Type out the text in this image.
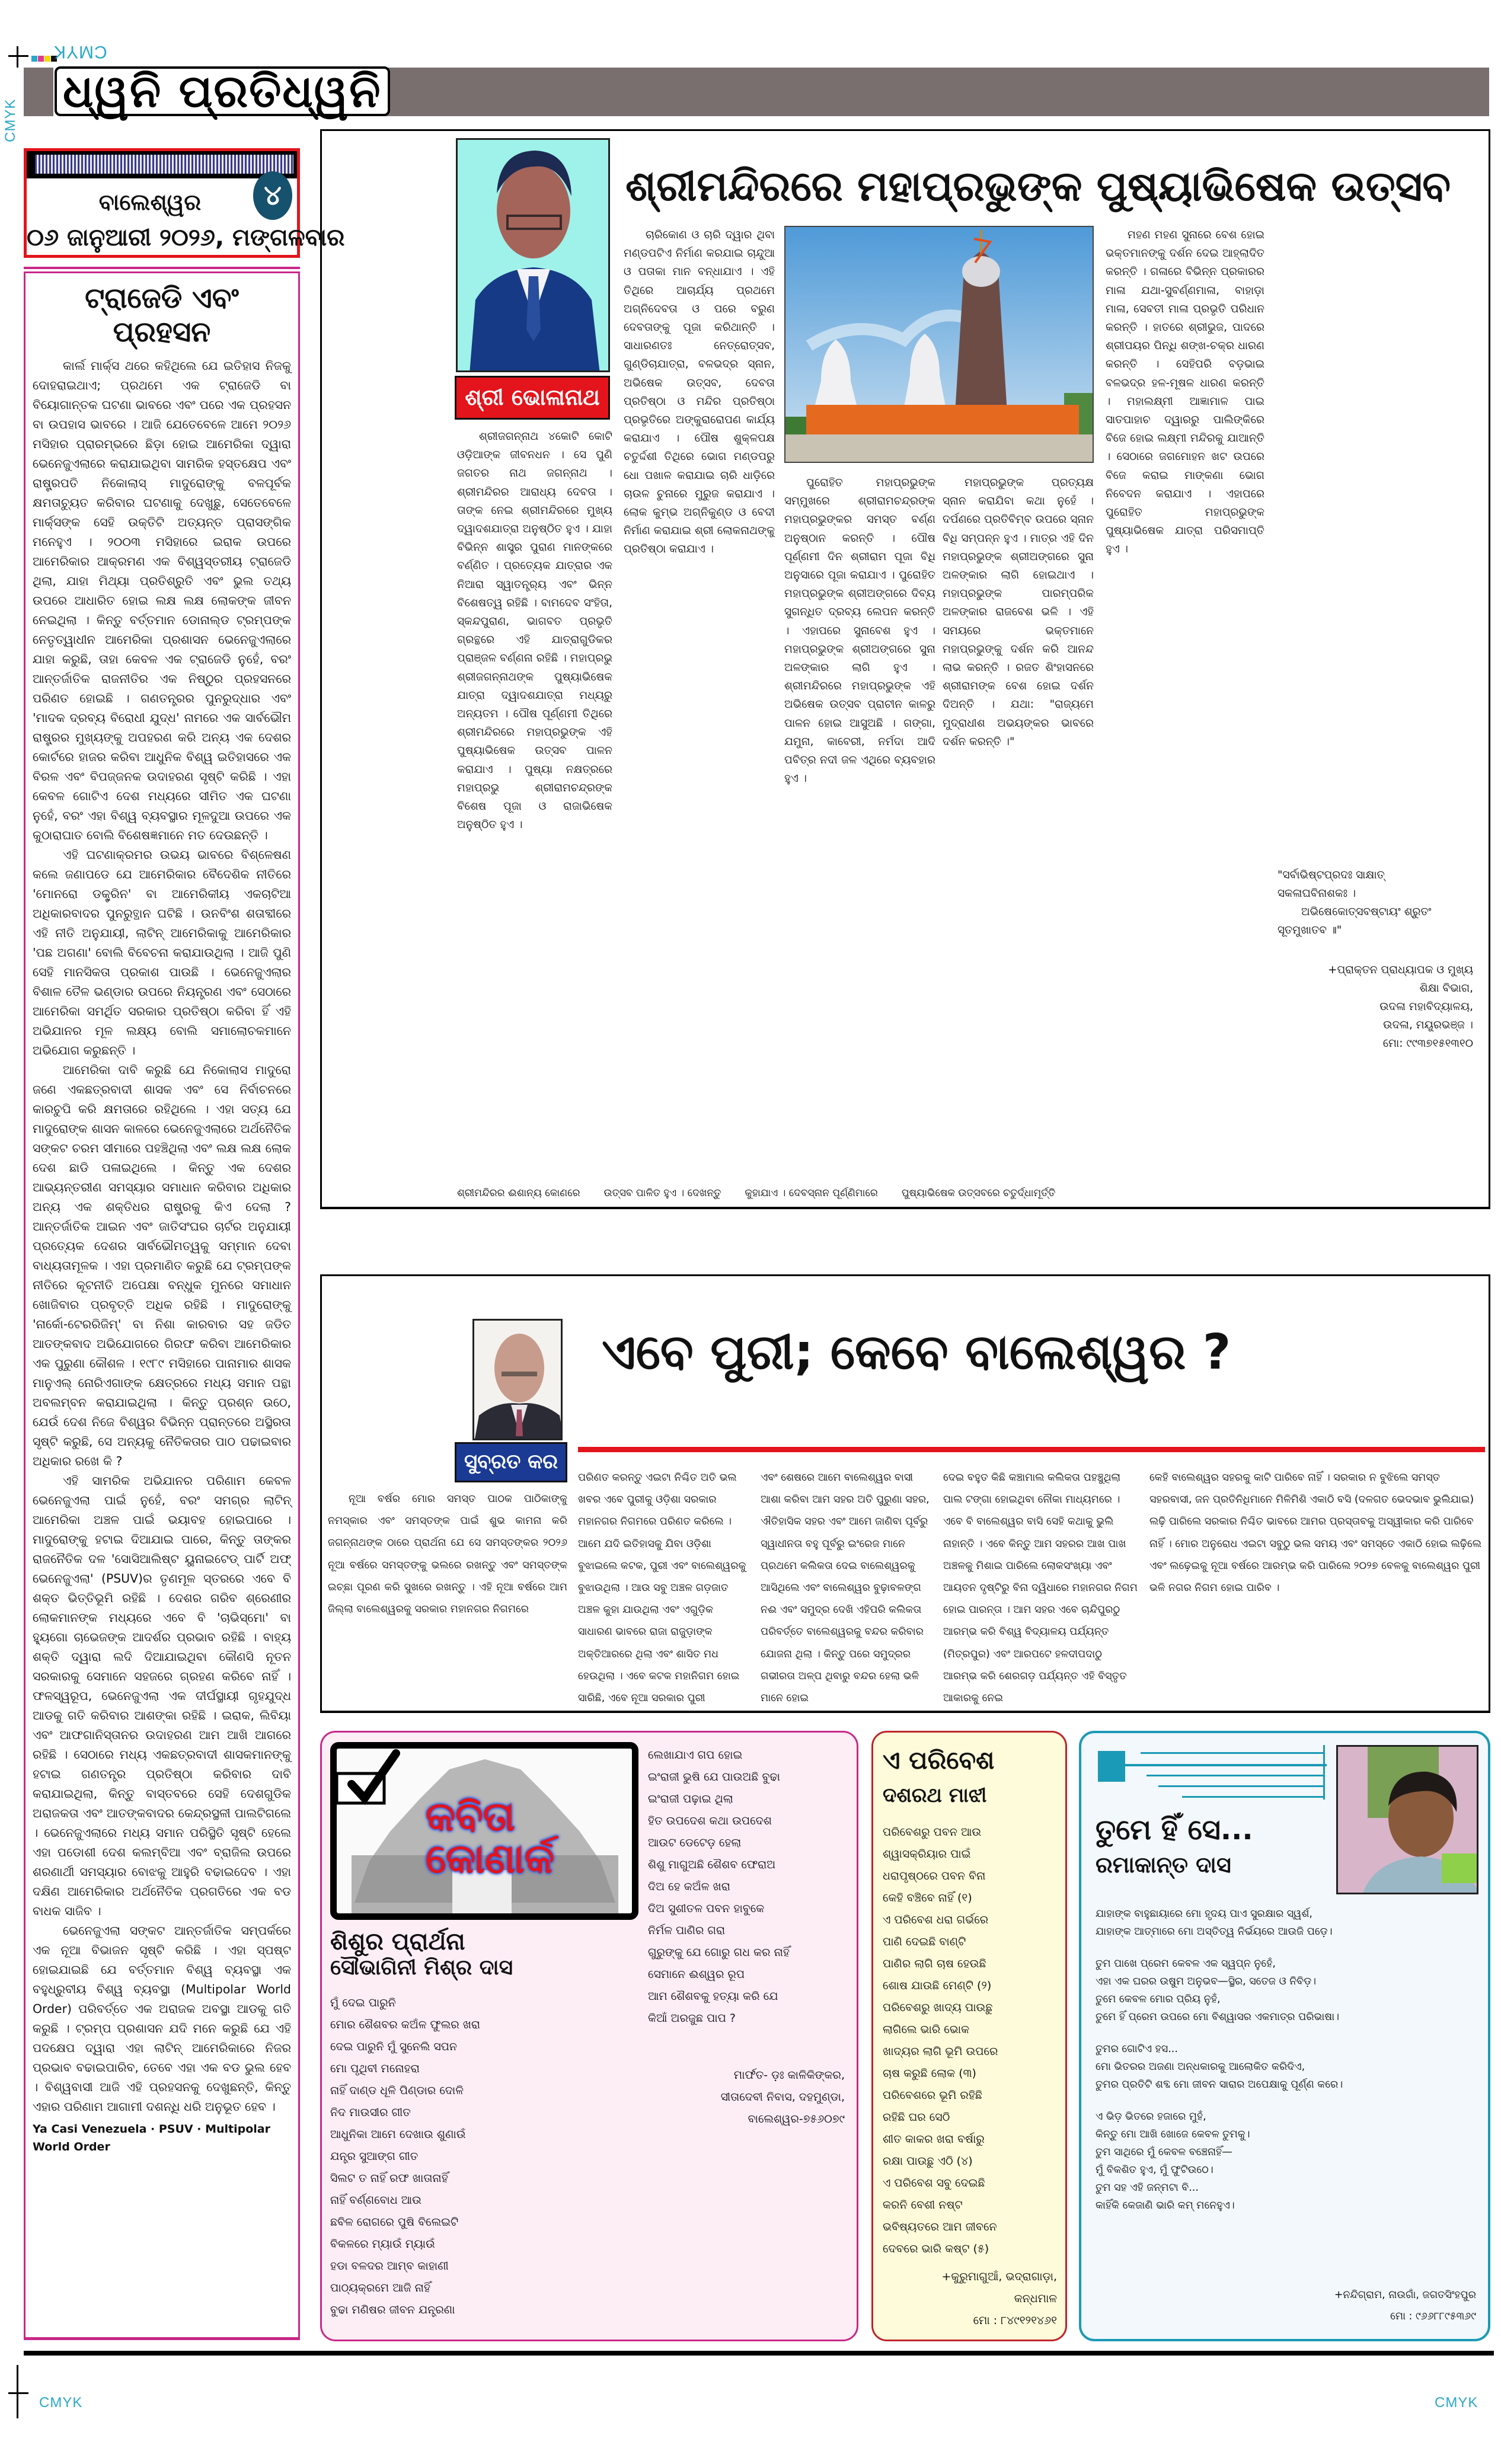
CMYK
CMYK
CMYK	CMYK
ଧ୍ୱନି ପ୍ରତିଧ୍ୱନି
୪
ବାଲେଶ୍ୱର
୦୬ ଜାନୁଆରୀ ୨୦୨୬, ମଙ୍ଗଳବାର
ଟ୍ରାଜେଡି ଏବଂ ପ୍ରହସନ

କାର୍ଲ ମାର୍କ୍ସ ଥରେ କହିଥିଲେ ଯେ ଇତିହାସ ନିଜକୁ ଦୋହରାଇଥାଏ; ପ୍ରଥମେ ଏକ ଟ୍ରାଜେଡି ବା ବିୟୋଗାନ୍ତକ ଘଟଣା ଭାବରେ ଏବଂ ପରେ ଏକ ପ୍ରହସନ ବା ଉପହାସ ଭାବରେ । ଆଜି ଯେତେବେଳେ ଆମେ ୨୦୨୬ ମସିହାର ପ୍ରାରମ୍ଭରେ ଛିଡ଼ା ହୋଇ ଆମେରିକା ଦ୍ୱାରା ଭେନେଜୁଏଲାରେ କରାଯାଇଥିବା ସାମରିକ ହସ୍ତକ୍ଷେପ ଏବଂ ରାଷ୍ଟ୍ରପତି ନିକୋଲାସ୍ ମାଦୁରୋଙ୍କୁ ବଳପୂର୍ବକ କ୍ଷମତାଚ୍ୟୁତ କରିବାର ଘଟଣାକୁ ଦେଖୁଛୁ, ସେତେବେଳେ ମାର୍କ୍ସଙ୍କ ସେହି ଉକ୍ତିଟି ଅତ୍ୟନ୍ତ ପ୍ରାସଙ୍ଗିକ ମନେହୁଏ । ୨୦୦୩ ମସିହାରେ ଇରାକ ଉପରେ ଆମେରିକାର ଆକ୍ରମଣ ଏକ ବିଶ୍ୱସ୍ତରୀୟ ଟ୍ରାଜେଡି ଥିଲା, ଯାହା ମିଥ୍ୟା ପ୍ରତିଶ୍ରୁତି ଏବଂ ଭୁଲ ତଥ୍ୟ ଉପରେ ଆଧାରିତ ହୋଇ ଲକ୍ଷ ଲକ୍ଷ ଲୋକଙ୍କ ଜୀବନ ନେଇଥିଲା । କିନ୍ତୁ ବର୍ତ୍ତମାନ ଡୋନାଲ୍ଡ ଟ୍ରମ୍ପଙ୍କ ନେତୃତ୍ୱାଧୀନ ଆମେରିକା ପ୍ରଶାସନ ଭେନେଜୁଏଲାରେ ଯାହା କରୁଛି, ତାହା କେବଳ ଏକ ଟ୍ରାଜେଡି ନୁହେଁ, ବରଂ ଆନ୍ତର୍ଜାତିକ ରାଜନୀତିର ଏକ ନିଷ୍ଠୁର ପ୍ରହସନରେ ପରିଣତ ହୋଇଛି । ଗଣତନ୍ତ୍ରର ପୁନରୁଦ୍ଧାର ଏବଂ 'ମାଦକ ଦ୍ରବ୍ୟ ବିରୋଧୀ ଯୁଦ୍ଧ' ନାମରେ ଏକ ସାର୍ବଭୌମ ରାଷ୍ଟ୍ରର ମୁଖ୍ୟଙ୍କୁ ଅପହରଣ କରି ଅନ୍ୟ ଏକ ଦେଶର କୋର୍ଟରେ ହାଜର କରିବା ଆଧୁନିକ ବିଶ୍ୱ ଇତିହାସରେ ଏକ ବିରଳ ଏବଂ ବିପଜ୍ଜନକ ଉଦାହରଣ ସୃଷ୍ଟି କରିଛି । ଏହା କେବଳ ଗୋଟିଏ ଦେଶ ମଧ୍ୟରେ ସୀମିତ ଏକ ଘଟଣା ନୁହେଁ, ବରଂ ଏହା ବିଶ୍ୱ ବ୍ୟବସ୍ଥାର ମୂଳଦୁଆ ଉପରେ ଏକ କୁଠାରାଘାତ ବୋଲି ବିଶେଷଜ୍ଞମାନେ ମତ ଦେଉଛନ୍ତି ।

ଏହି ଘଟଣାକ୍ରମର ଉଭୟ ଭାବରେ ବିଶ୍ଳେଷଣ କଲେ ଜଣାପଡେ ଯେ ଆମେରିକାର ବୈଦେଶିକ ନୀତିରେ 'ମୋନରୋ ଡକ୍ଟ୍ରିନ' ବା ଆମେରିକୀୟ ଏକଚାଟିଆ ଅଧିକାରବାଦର ପୁନରୁତ୍ଥାନ ଘଟିଛି । ଉନବିଂଶ ଶତାବ୍ଦୀରେ ଏହି ନୀତି ଅନୁଯାୟୀ, ଲାଟିନ୍ ଆମେରିକାକୁ ଆମେରିକାର 'ପଛ ଅଗଣା' ବୋଲି ବିବେଚନା କରାଯାଉଥିଲା । ଆଜି ପୁଣି ସେହି ମାନସିକତା ପ୍ରକାଶ ପାଉଛି । ଭେନେଜୁଏଲାର ବିଶାଳ ତୈଳ ଭଣ୍ଡାର ଉପରେ ନିୟନ୍ତ୍ରଣ ଏବଂ ସେଠାରେ ଆମେରିକା ସମର୍ଥିତ ସରକାର ପ୍ରତିଷ୍ଠା କରିବା ହିଁ ଏହି ଅଭିଯାନର ମୂଳ ଲକ୍ଷ୍ୟ ବୋଲି ସମାଲୋଚକମାନେ ଅଭିଯୋଗ କରୁଛନ୍ତି ।

ଆମେରିକା ଦାବି କରୁଛି ଯେ ନିକୋଲାସ ମାଦୁରୋ ଜଣେ ଏକଛତ୍ରବାଦୀ ଶାସକ ଏବଂ ସେ ନିର୍ବାଚନରେ କାରଚୁପି କରି କ୍ଷମତାରେ ରହିଥିଲେ । ଏହା ସତ୍ୟ ଯେ ମାଦୁରୋଙ୍କ ଶାସନ କାଳରେ ଭେନେଜୁଏଲାରେ ଅର୍ଥନୈତିକ ସଙ୍କଟ ଚରମ ସୀମାରେ ପହଞ୍ଚିଥିଲା ଏବଂ ଲକ୍ଷ ଲକ୍ଷ ଲୋକ ଦେଶ ଛାଡି ପଳାଇଥିଲେ । କିନ୍ତୁ ଏକ ଦେଶର ଆଭ୍ୟନ୍ତରୀଣ ସମସ୍ୟାର ସମାଧାନ କରିବାର ଅଧିକାର ଅନ୍ୟ ଏକ ଶକ୍ତିଧର ରାଷ୍ଟ୍ରକୁ କିଏ ଦେଲା ? ଆନ୍ତର୍ଜାତିକ ଆଇନ ଏବଂ ଜାତିସଂଘର ଚାର୍ଟର ଅନୁଯାୟୀ ପ୍ରତ୍ୟେକ ଦେଶର ସାର୍ବଭୌମତ୍ୱକୁ ସମ୍ମାନ ଦେବା ବାଧ୍ୟତାମୂଳକ । ଏହା ପ୍ରମାଣିତ କରୁଛି ଯେ ଟ୍ରମ୍ପଙ୍କ ନୀତିରେ କୂଟନୀତି ଅପେକ୍ଷା ବନ୍ଧୁକ ମୁନରେ ସମାଧାନ ଖୋଜିବାର ପ୍ରବୃତ୍ତି ଅଧିକ ରହିଛି । ମାଦୁରୋଙ୍କୁ 'ନାର୍କୋ-ଟେରରିଜିମ୍' ବା ନିଶା କାରବାର ସହ ଜଡିତ ଆତଙ୍କବାଦ ଅଭିଯୋଗରେ ଗିରଫ କରିବା ଆମେରିକାର ଏକ ପୁରୁଣା କୌଶଳ । ୧୯୮୯ ମସିହାରେ ପାନାମାର ଶାସକ ମାନୁଏଲ୍ ନୋରିଏଗାଙ୍କ କ୍ଷେତ୍ରରେ ମଧ୍ୟ ସମାନ ପନ୍ଥା ଅବଲମ୍ବନ କରାଯାଇଥିଲା । କିନ୍ତୁ ପ୍ରଶ୍ନ ଉଠେ, ଯେଉଁ ଦେଶ ନିଜେ ବିଶ୍ୱର ବିଭିନ୍ନ ପ୍ରାନ୍ତରେ ଅସ୍ଥିରତା ସୃଷ୍ଟି କରୁଛି, ସେ ଅନ୍ୟକୁ ନୈତିକତାର ପାଠ ପଢାଇବାର ଅଧିକାର ରଖେ କି ?

ଏହି ସାମରିକ ଅଭିଯାନର ପରିଣାମ କେବଳ ଭେନେଜୁଏଲା ପାଇଁ ନୁହେଁ, ବରଂ ସମଗ୍ର ଲାଟିନ୍ ଆମେରିକା ଅଞ୍ଚଳ ପାଇଁ ଭୟାବହ ହୋଇପାରେ । ମାଦୁରୋଙ୍କୁ ହଟାଇ ଦିଆଯାଇ ପାରେ, କିନ୍ତୁ ତାଙ୍କର ରାଜନୈତିକ ଦଳ 'ସୋସିଆଲିଷ୍ଟ ୟୁନାଇଟେଡ୍ ପାର୍ଟି ଅଫ୍ ଭେନେଜୁଏଲା' (PSUV)ର ତୃଣମୂଳ ସ୍ତରରେ ଏବେ ବି ଶକ୍ତ ଭିତ୍ତିଭୂମି ରହିଛି । ଦେଶର ଗରିବ ଶ୍ରେଣୀର ଲୋକମାନଙ୍କ ମଧ୍ୟରେ ଏବେ ବି 'ଚାଭିସ୍ମୋ' ବା ହ୍ୟୁଗୋ ଚାଭେଜଙ୍କ ଆଦର୍ଶର ପ୍ରଭାବ ରହିଛି । ବାହ୍ୟ ଶକ୍ତି ଦ୍ୱାରା ଲଦି ଦିଆଯାଇଥିବା କୌଣସି ନୂତନ ସରକାରକୁ ସେମାନେ ସହଜରେ ଗ୍ରହଣ କରିବେ ନାହିଁ । ଫଳସ୍ୱରୂପ, ଭେନେଜୁଏଲା ଏକ ଦୀର୍ଘସ୍ଥାୟୀ ଗୃହଯୁଦ୍ଧ ଆଡକୁ ଗତି କରିବାର ଆଶଙ୍କା ରହିଛି । ଇରାକ, ଲିବିୟା ଏବଂ ଆଫଗାନିସ୍ତାନର ଉଦାହରଣ ଆମ ଆଖି ଆଗରେ ରହିଛି । ସେଠାରେ ମଧ୍ୟ ଏକଛତ୍ରବାଦୀ ଶାସକମାନଙ୍କୁ ହଟାଇ ଗଣତନ୍ତ୍ର ପ୍ରତିଷ୍ଠା କରିବାର ଦାବି କରାଯାଇଥିଲା, କିନ୍ତୁ ବାସ୍ତବରେ ସେହି ଦେଶଗୁଡିକ ଅରାଜକତା ଏବଂ ଆତଙ୍କବାଦର କେନ୍ଦ୍ରସ୍ଥଳୀ ପାଲଟିଗଲେ । ଭେନେଜୁଏଲାରେ ମଧ୍ୟ ସମାନ ପରିସ୍ଥିତି ସୃଷ୍ଟି ହେଲେ ଏହା ପଡୋଶୀ ଦେଶ କଲମ୍ବିଆ ଏବଂ ବ୍ରାଜିଲ ଉପରେ ଶରଣାର୍ଥୀ ସମସ୍ୟାର ବୋଝକୁ ଆହୁରି ବଢାଇଦେବ । ଏହା ଦକ୍ଷିଣ ଆମେରିକାର ଅର୍ଥନୈତିକ ପ୍ରଗତିରେ ଏକ ବଡ ବାଧକ ସାଜିବ ।

ଭେନେଜୁଏଲା ସଙ୍କଟ ଆନ୍ତର୍ଜାତିକ ସମ୍ପର୍କରେ ଏକ ନୂଆ ବିଭାଜନ ସୃଷ୍ଟି କରିଛି । ଏହା ସ୍ପଷ୍ଟ ହୋଇଯାଇଛି ଯେ ବର୍ତ୍ତମାନ ବିଶ୍ୱ ବ୍ୟବସ୍ଥା ଏକ ବହୁଧ୍ରୁବୀୟ ବିଶ୍ୱ ବ୍ୟବସ୍ଥା (Multipolar World Order) ପରିବର୍ତ୍ତେ ଏକ ଅରାଜକ ଅବସ୍ଥା ଆଡକୁ ଗତି କରୁଛି । ଟ୍ରମ୍ପ ପ୍ରଶାସନ ଯଦି ମନେ କରୁଛି ଯେ ଏହି ପଦକ୍ଷେପ ଦ୍ୱାରା ଏହା ଲାଟିନ୍ ଆମେରିକାରେ ନିଜର ପ୍ରଭାବ ବଢାଇପାରିବ, ତେବେ ଏହା ଏକ ବଡ ଭୁଲ ହେବ । ବିଶ୍ୱବାସୀ ଆଜି ଏହି ପ୍ରହସନକୁ ଦେଖୁଛନ୍ତି, କିନ୍ତୁ ଏହାର ପରିଣାମ ଆଗାମୀ ଦଶନ୍ଧି ଧରି ଅନୁଭୂତ ହେବ ।

Ya Casi Venezuela · PSUV · Multipolar World Order
ଶ୍ରୀ ଭୋଳାନାଥ
ଶ୍ରୀମନ୍ଦିରରେ ମହାପ୍ରଭୁଙ୍କ ପୁଷ୍ୟାଭିଷେକ ଉତ୍ସବ

ଶ୍ରୀଜଗନ୍ନାଥ ୪କୋଟି କୋଟି ଓଡ଼ିଆଙ୍କ ଜୀବନଧନ । ସେ ପୁଣି ଜଗତର ନାଥ ଜଗନ୍ନାଥ । ଶ୍ରୀମନ୍ଦିରର ଆରାଧ୍ୟ ଦେବତା । ତାଙ୍କ ନେଇ ଶ୍ରୀମନ୍ଦିରରେ ମୁଖ୍ୟ ଦ୍ୱାଦଶଯାତ୍ରା ଅନୁଷ୍ଠିତ ହୁଏ । ଯାହା ବିଭିନ୍ନ ଶାସ୍ତ୍ର ପୁରାଣ ମାନଙ୍କରେ ବର୍ଣ୍ଣିତ । ପ୍ରତ୍ୟେକ ଯାତ୍ରାର ଏକ ନିଆରା ସ୍ୱାତନ୍ତ୍ର୍ୟ ଏବଂ ଭିନ୍ନ ବିଶେଷତ୍ୱ ରହିଛି । ବାମଦେବ ସଂହିତା, ସ୍କନ୍ଦପୁରାଣ, ଭାଗବତ ପ୍ରଭୃତି ଗ୍ରନ୍ଥରେ ଏହି ଯାତ୍ରାଗୁଡିକର ପ୍ରାଞ୍ଜଳ ବର୍ଣ୍ଣନା ରହିଛି । ମହାପ୍ରଭୁ ଶ୍ରୀଜଗନ୍ନାଥଙ୍କ ପୁଷ୍ୟାଭିଷେକ ଯାତ୍ରା ଦ୍ୱାଦଶଯାତ୍ରା ମଧ୍ୟରୁ ଅନ୍ୟତମ । ପୌଷ ପୂର୍ଣ୍ଣମୀ ତିଥିରେ ଶ୍ରୀମନ୍ଦିରରେ ମହାପ୍ରଭୁଙ୍କ ଏହି ପୁଷ୍ୟାଭିଷେକ ଉତ୍ସବ ପାଳନ କରାଯାଏ । ପୁଷ୍ୟା ନକ୍ଷତ୍ରରେ ମହାପ୍ରଭୁ ଶ୍ରୀରାମଚନ୍ଦ୍ରଙ୍କ ବିଶେଷ ପୂଜା ଓ ରାଜାଭିଷେକ ଅନୁଷ୍ଠିତ ହୁଏ ।

ଚାରିକୋଣ ଓ ଚାରି ଦ୍ୱାର ଥିବା ମଣ୍ଡପଟିଏ ନିର୍ମାଣ କରଯାଇ ଚାନ୍ଦୁଆ ଓ ପତାକା ମାନ ବନ୍ଧାଯାଏ । ଏହି ତିଥିରେ ଆଚାର୍ଯ୍ୟ ପ୍ରଥମେ ଅଗ୍ନିଦେବତା ଓ ପରେ ବରୁଣ ଦେବତାଙ୍କୁ ପୂଜା କରିଥାନ୍ତି । ସାଧାରଣତଃ ନେତ୍ରୋତ୍ସବ, ଗୁଣ୍ଡିଚାଯାତ୍ରା, ବଳଭଦ୍ର ସ୍ନାନ, ଅଭିଷେକ ଉତ୍ସବ, ଦେବତା ପ୍ରତିଷ୍ଠା ଓ ମନ୍ଦିର ପ୍ରତିଷ୍ଠା ପ୍ରଭୃତିରେ ଅଙ୍କୁରାରୋପଣ କାର୍ଯ୍ୟ କରାଯାଏ । ପୌଷ ଶୁକ୍ଳପକ୍ଷ ଚତୁର୍ଦ୍ଦଶୀ ତିଥିରେ ଭୋଗ ମଣ୍ଡପରୁ ଧୋ ପଖାଳ କରାଯାଇ ଚାରି ଧାଡ଼ିରେ ଚାଉଳ ଚୁନାରେ ମୁରୁଜ କରାଯାଏ । ଲୋକ କୁମ୍ଭ ଅଗ୍ନିକୁଣ୍ଡ ଓ ବେଦୀ ନିର୍ମାଣ କରାଯାଇ ଶ୍ରୀ ଲୋକନାଥଙ୍କୁ ପ୍ରତିଷ୍ଠା କରାଯାଏ ।

ପୁରୋହିତ ମହାପ୍ରଭୁଙ୍କ ସମ୍ମୁଖରେ ଶ୍ରୀରାମଚନ୍ଦ୍ରଙ୍କ ମହାପ୍ରଭୁଙ୍କର ସମସ୍ତ ବର୍ଣ୍ଣ ଅନୁଷ୍ଠାନ କରନ୍ତି । ପୌଷ ପୂର୍ଣ୍ଣମୀ ଦିନ ଶ୍ରୀରାମ ପୂଜା ବିଧି ଅନୁସାରେ ପୂଜା କରାଯାଏ । ପୁରୋହିତ ମହାପ୍ରଭୁଙ୍କ ଶ୍ରୀଅଙ୍ଗରେ ଦିବ୍ୟ ସୁଗନ୍ଧିତ ଦ୍ରବ୍ୟ ଲେପନ କରନ୍ତି । ଏହାପରେ ସୁନାବେଶ ହୁଏ । ମହାପ୍ରଭୁଙ୍କ ଶ୍ରୀଅଙ୍ଗରେ ସୁନା ଅଳଙ୍କାର ଲାଗି ହୁଏ । ଶ୍ରୀମନ୍ଦିରରେ ମହାପ୍ରଭୁଙ୍କ ଏହି ଅଭିଷେକ ଉତ୍ସବ ପ୍ରାଚୀନ କାଳରୁ ପାଳନ ହୋଇ ଆସୁଅଛି । ଗଙ୍ଗା, ଯମୁନା, କାବେରୀ, ନର୍ମଦା ଆଦି ପବିତ୍ର ନଦୀ ଜଳ ଏଥିରେ ବ୍ୟବହାର ହୁଏ ।

ମହାପ୍ରଭୁଙ୍କ ପ୍ରତ୍ୟକ୍ଷ ସ୍ନାନ କରାଯିବା କଥା ନୁହେଁ । ଦର୍ପଣରେ ପ୍ରତିବିମ୍ବ ଉପରେ ସ୍ନାନ ବିଧି ସମ୍ପନ୍ନ ହୁଏ । ମାତ୍ର ଏହି ଦିନ ମହାପ୍ରଭୁଙ୍କ ଶ୍ରୀଅଙ୍ଗରେ ସୁନା ଅଳଙ୍କାର ଲାଗି ହୋଇଥାଏ । ମହାପ୍ରଭୁଙ୍କ ପାରମ୍ପରିକ ଅଳଙ୍କାର ରାଜବେଶ ଭଳି । ଏହି ସମୟରେ ଭକ୍ତମାନେ ମହାପ୍ରଭୁଙ୍କୁ ଦର୍ଶନ କରି ଆନନ୍ଦ ଲାଭ କରନ୍ତି । ରଜତ ଶିଂହାସନରେ ଶ୍ରୀରାମଙ୍କ ବେଶ ହୋଇ ଦର୍ଶନ ଦିଅନ୍ତି । ଯଥା: "ରାଜ୍ୟମେ ମୁଦ୍ରାଧୀଶ ଅଭୟଙ୍କର ଭାବରେ ଦର୍ଶନ କରନ୍ତି ।"

ମହଣ ମହଣ ସୁନାରେ ବେଶ ହୋଇ ଭକ୍ତମାନଙ୍କୁ ଦର୍ଶନ ଦେଇ ଆହ୍ଲାଦିତ କରନ୍ତି । ଗଳାରେ ବିଭିନ୍ନ ପ୍ରକାରର ମାଳା ଯଥା-ସୁବର୍ଣ୍ଣମାଳା, ବାହାଡ଼ା ମାଳା, ସେବତୀ ମାଳା ପ୍ରଭୃତି ପରିଧାନ କରନ୍ତି । ହାତରେ ଶ୍ରୀଭୁଜ, ପାଦରେ ଶ୍ରୀପୟର ପିନ୍ଧି ଶଙ୍ଖ-ଚକ୍ର ଧାରଣ କରନ୍ତି । ସେହିପରି ବଡ଼ଭାଇ ବଳଭଦ୍ର ହଳ-ମୂଷଳ ଧାରଣ କରନ୍ତି । ମହାଲକ୍ଷ୍ମୀ ଆଜ୍ଞାମାଳ ପାଇ ସାତପାହାଚ ଦ୍ୱାରରୁ ପାଲିଙ୍କିରେ ବିଜେ ହୋଇ ଲକ୍ଷ୍ମୀ ମନ୍ଦିରକୁ ଯାଆନ୍ତି । ସେଠାରେ ଜଗମୋହନ ଖଟ ଉପରେ ବିଜେ କରାଇ ମାଙ୍କଣା ଭୋଗ ନିବେଦନ କରାଯାଏ । ଏହାପରେ ପୁରୋହିତ ମହାପ୍ରଭୁଙ୍କ ପୁଷ୍ୟାଭିଷେକ ଯାତ୍ରା ପରିସମାପ୍ତି ହୁଏ ।

"ସର୍ବାଭିଷ୍ଟପ୍ରଦଃ ସାକ୍ଷାତ୍
ସକଳାଘବିନାଶକଃ ।
ଅଭିଷେକୋତ୍ସବଷ୍ଟାୟଂ ଶ୍ରୁତଂ
ସୂତମୁଖାତବ ॥"
+ପ୍ରାକ୍ତନ ପ୍ରାଧ୍ୟାପକ ଓ ମୁଖ୍ୟ
ଶିକ୍ଷା ବିଭାଗ,
ଉଦଳା ମହାବିଦ୍ୟାଳୟ,
ଉଦଳା, ମୟୂରଭଞ୍ଜ ।
ମୋ: ୯୯୩୭୧୫୧୩୧୦
ଶ୍ରୀମନ୍ଦିରର ଈଶାନ୍ୟ କୋଣରେ ଉତ୍ସବ ପାଳିତ ହୁଏ । ଦେଖନ୍ତୁ କୁହାଯାଏ । ଦେବସ୍ନାନ ପୂର୍ଣ୍ଣିମାରେ ପୁଷ୍ୟାଭିଷେକ ଉତ୍ସବରେ ଚତୁର୍ଦ୍ଧାମୂର୍ତ୍ତି
ସୁବ୍ରତ କର
ଏବେ ପୁରୀ; କେବେ ବାଲେଶ୍ୱର ?

ନୂଆ ବର୍ଷର ମୋର ସମସ୍ତ ପାଠକ ପାଠିକାଙ୍କୁ ନମସ୍କାର ଏବଂ ସମସ୍ତଙ୍କ ପାଇଁ ଶୁଭ କାମନା କରି ଜଗନ୍ନାଥଙ୍କ ଠାରେ ପ୍ରାର୍ଥନା ଯେ ସେ ସମସ୍ତଙ୍କର ୨୦୨୬ ନୂଆ ବର୍ଷରେ ସମସ୍ତଙ୍କୁ ଭଲରେ ରଖନ୍ତୁ ଏବଂ ସମସ୍ତଙ୍କ ଇଚ୍ଛା ପୂରଣ କରି ସୁଖରେ ରଖନ୍ତୁ । ଏହି ନୂଆ ବର୍ଷରେ ଆମ ଜିଲ୍ଲା ବାଲେଶ୍ୱରକୁ ସରକାର ମହାନଗର ନିଗମରେ

ପରିଣତ କରନ୍ତୁ ଏଇଟା ନିଶ୍ଚିତ ଅତି ଭଲ ଖବର ଏବେ ପୁରୀକୁ ଓଡ଼ିଶା ସରକାର ମହାନଗର ନିଗମରେ ପରିଣତ କରିଲେ । ଆମେ ଯଦି ଇତିହାସକୁ ଯିବା ଓଡ଼ିଶା ବୁଝାଇଲେ କଟକ, ପୁରୀ ଏବଂ ବାଲେଶ୍ୱରକୁ ବୁଝାଉଥିଲା । ଆଉ ସବୁ ଅଞ୍ଚଳ ଗଡ଼ଜାତ ଅଞ୍ଚଳ କୁହା ଯାଉଥିଲା ଏବଂ ଏଗୁଡ଼ିକ ସାଧାରଣ ଭାବରେ ରାଜା ରାଜୁଡ଼ାଙ୍କ ଅକ୍ତିଆରରେ ଥିଲା ଏବଂ ଶାସିତ ମଧ ହେଉଥିଲା । ଏବେ କଟକ ମହାନିଗମ ହୋଇ ସାରିଛି, ଏବେ ନୂଆ ସରକାର ପୁରୀ
ଏବଂ ଶେଷରେ ଆମେ ବାଲେଶ୍ୱର ବାସୀ ଆଶା କରିବା ଆମ ସହର ଅତି ପୁରୁଣା ସହର, ଐତିହାସିକ ସହର ଏବଂ ଆମେ ଜାଣିବା ପୂର୍ବରୁ ସ୍ୱାଧୀନତା ବହୁ ପୂର୍ବରୁ ଇଂରେଜ ମାନେ ପ୍ରଥମେ କଲିକତା ଦେଇ ବାଲେଶ୍ୱରକୁ ଆସିଥିଲେ ଏବଂ ବାଲେଶ୍ୱର ବୁଢ଼ାବଳଙ୍ଗ ନଈ ଏବଂ ସମୁଦ୍ର ଦେଖି ଏହିପରି କଲିକତା ପରିବର୍ତ୍ତେ ବାଲେଶ୍ୱରକୁ ବନ୍ଦର କରିବାର ଯୋଜନା ଥିଲା । କିନ୍ତୁ ପରେ ସମୁଦ୍ରର ଗଭୀରତା ଅଳ୍ପ ଥିବାରୁ ବନ୍ଦର ହେଲା ଭଳି ମାନେ ହୋଇ
ଦେଇ ବହୁତ କିଛି କଞ୍ଚାମାଲ କଲିକତା ପହଞ୍ଚୁଥିଲା ପାଲ ଟଙ୍ଗା ହୋଇଥିବା ନୌକା ମାଧ୍ୟମରେ । ଏବେ ବି ବାଲେଶ୍ୱର ବାସି ସେହି କଥାକୁ ଭୁଲି ନାହାନ୍ତି । ଏବେ କିନ୍ତୁ ଆମ ସହରର ଆଖ ପାଖ ଅଞ୍ଚଳକୁ ମିଶାଇ ପାରିଲେ ଲୋକସଂଖ୍ୟା ଏବଂ ଆୟତନ ଦୃଷ୍ଟିରୁ ବିନା ଦ୍ୱିଧାରେ ମହାନଗର ନିଗମ ହୋଇ ପାରନ୍ତା । ଆମ ସହର ଏବେ ଚାନ୍ଦିପୁରଠୁ ଆରମ୍ଭ କରି ବିଶ୍ୱ ବିଦ୍ୟାଳୟ ପର୍ଯ୍ୟନ୍ତ (ମିତ୍ରପୁର) ଏବଂ ଆରପଟେ ହଳଦୀପଦାଠୁ ଆରମ୍ଭ କରି ଶେରଗଡ଼ ପର୍ଯ୍ୟନ୍ତ ଏହି ବିସ୍ତୃତ ଆକାରକୁ ନେଇ
କେହି ବାଲେଶ୍ୱର ସହରକୁ କାଟି ପାରିବେ ନାହିଁ । ସରକାର ନ ବୁଝିଲେ ସମସ୍ତ ସହରବାସୀ, ଜନ ପ୍ରତିନିଧିମାନେ ମିଳିମିଶି ଏକାଠି ବସି (ଦଳଗତ ଭେଦଭାବ ଭୁଲିଯାଇ) ଲଢ଼ି ପାରିଲେ ସରକାର ନିଶ୍ଚିତ ଭାବରେ ଆମର ପ୍ରସ୍ତାବକୁ ଅସ୍ୱୀକାର କରି ପାରିବେ ନାହିଁ । ମୋର ଅନୁରୋଧ ଏଇଟା ସବୁଠୁ ଭଲ ସମୟ ଏବଂ ସମସ୍ତେ ଏକାଠି ହୋଇ ଲଢ଼ିଲେ ଏବଂ ଲଢ଼େଇକୁ ନୂଆ ବର୍ଷରେ ଆରମ୍ଭ କରି ପାରିଲେ ୨୦୨୭ ବେଳକୁ ବାଲେଶ୍ୱର ପୁରୀ ଭଳି ନଗର ନିଗମ ହୋଇ ପାରିବ ।
କବିତା
କୋଣାର୍କ
ଶିଶୁର ପ୍ରାର୍ଥନା
ସୌଭାଗିନୀ ମିଶ୍ର ଦାସ
ମୁଁ ଦେଇ ପାରୁନି
ମୋର ଶୈଶବର କଅଁଳ ଫୁଲର ଖରା
ଦେଇ ପାରୁନି ମୁଁ ସୁନେଲି ସପନ
ମୋ ପୃଥିବୀ ମନୋହରା
ନାହିଁ ଦାଣ୍ଡ ଧୂଳି ପିଣ୍ଡାର ଦୋଳି
ନିଦ ମାଉସୀର ଗୀତ
ଆଧୁନିକା ଆମେ ଦେଖାଉ ଶୁଣାଉଁ
ଯନ୍ତ୍ର ସୁଆଙ୍ଗ ଗୀତ
ସିଲଟ ତ ନାହିଁ ରଫ ଖାତାନାହିଁ
ନାହିଁ ବର୍ଣ୍ଣବୋଧ ଆଉ
ଛବିଳ ରୋଗରେ ପୁଷି ବିଲେଇଟି
ବିକଳରେ ମ୍ୟାଉଁ ମ୍ୟାଉଁ
ହଡା ବଳଦର ଆମ୍ବ କାହାଣୀ
ପାଠ୍ୟକ୍ରମେ ଆଜି ନାହିଁ
ବୁଢା ମଣିଷର ଜୀବନ ଯନ୍ତ୍ରଣା
ଲେଖାଯାଏ ଗପ ହୋଇ
ଇଂରାଜୀ ଭୁଷି ଯେ ପାଉଅଛି ବୁଢା
ଇଂରାଜୀ ପଢ଼ାଇ ଥିଲା
ହିତ ଉପଦେଶ କଥା ଉପଦେଶ
ଆଉଟ ଡେଟେଡ଼ ହେଲା
ଶିଶୁ ମାଗୁଅଛି ଶୈଶବ ଫେରାଅ
ଦିଅ ହେ କଅଁଳ ଖରା
ଦିଅ ସୁଶୀତଳ ପବନ ହାବୁକେ
ନିର୍ମଳ ପାଣିର ଗରା
ଗୁରୁଙ୍କୁ ଯେ ଗୋରୁ ଗଧ କର ନାହିଁ
ସେମାନେ ଈଶ୍ୱର ରୂପ
ଆମ ଶୈଶବକୁ ହତ୍ୟା କରି ଯେ
କିଆଁ ଅରଜୁଛ ପାପ ?
ମାର୍ଫତ- ଡ଼ଃ କାଳିକିଙ୍କର,
ସୀତାଦେବୀ ନିବାସ, ଦହମୁଣ୍ଡା,
ବାଲେଶ୍ୱର-୭୫୬୦୭୯
ଏ ପରିବେଶ
ଦଶରଥ ମାଝୀ
ପରିବେଶରୁ ପବନ ଆଉ
ଶ୍ୱାସକ୍ରିୟାର ପାଇଁ
ଧରାପୃଷ୍ଠରେ ପବନ ବିନା
କେହି ବଞ୍ଚିବେ ନାହିଁ (୧)
ଏ ପରିବେଶ ଧରା ଗର୍ଭରେ
ପାଣି ଦେଇଛି ବାଣ୍ଟି
ପାଣିର ଲାଗି ଚାଷ ହେଉଛି
ଶୋଷ ଯାଉଛି ମେଣ୍ଟି (୨)
ପରିବେଶରୁ ଖାଦ୍ୟ ପାଉଛୁ
ଲାଗିଲେ ଭାରି ଭୋକ
ଖାଦ୍ୟର ଲାଗି ଭୂମି ଉପରେ
ଚାଷ କରୁଛି ଲୋକ (୩)
ପରିବେଶରେ ଭୂମି ରହିଛି
ରହିଛି ଘର ସେଠି
ଶୀତ କାକର ଖରା ବର୍ଷାରୁ
ରକ୍ଷା ପାଉଛୁ ଏଠି (୪)
ଏ ପରିବେଶ ସବୁ ଦେଇଛି
କରନି ବେଶୀ ନଷ୍ଟ
ଭବିଷ୍ୟତରେ ଆମ ଜୀବନେ
ଦେବରେ ଭାରି କଷ୍ଟ (୫)
+କୁରୁମାଗୁଆଁ, ଭଦ୍ରାଗାଡ଼ା,
କନ୍ଧମାଳ
ମୋ : ୮୪୯୧୨୧୪୬୧
ତୁମେ ହିଁ ସେ...
ରମାକାନ୍ତ ଦାସ
ଯାହାଙ୍କ ବାହୁଛାୟାରେ ମୋ ହୃଦୟ ପାଏ ସୁରକ୍ଷାର ସ୍ୱର୍ଶ,
ଯାହାଙ୍କ ଆତ୍ମାରେ ମୋ ଅସ୍ତିତ୍ୱ ନିର୍ଭୟରେ ଆଉଜି ପଡ଼େ।
ତୁମ ପାଖେ ପ୍ରେମ କେବଳ ଏକ ସ୍ୱପ୍ନ ନୁହେଁ,
ଏହା ଏକ ଘରର ଉଷୁମ ଅନୁଭବ—ସ୍ଥିର, ସତେଜ ଓ ନିବିଡ଼।
ତୁମେ କେବଳ ମୋର ପ୍ରିୟ ନୁହଁ,
ତୁମେ ହିଁ ପ୍ରେମ ଉପରେ ମୋ ବିଶ୍ୱାସର ଏକମାତ୍ର ପରିଭାଷା।
ତୁମର ଗୋଟିଏ ହସ...
ମୋ ଭିତରର ଅଜଣା ଅନ୍ଧକାରକୁ ଆଲୋକିତ କରିଦିଏ,
ତୁମର ପ୍ରତିଟି ଶବ୍ଦ ମୋ ଜୀବନ ସାରାର ଅପେକ୍ଷାକୁ ପୂର୍ଣ୍ଣ କରେ।
ଏ ଭିଡ଼ ଭିତରେ ହଜାରେ ମୁହଁ,
କିନ୍ତୁ ମୋ ଆଖି ଖୋଜେ କେବଳ ତୁମକୁ।
ତୁମ ସାଥିରେ ମୁଁ କେବଳ ବଞ୍ଚେନାହିଁ—
ମୁଁ ବିକଶିତ ହୁଏ, ମୁଁ ଫୁଟିଉଠେ।
ତୁମ ସହ ଏହି ଜନ୍ମଟା ବି...
କାହିଁକି କେଜାଣି ଭାରି କମ୍ ମନେହୁଏ।
+ନନ୍ଦିଗ୍ରାମ, ନାଉଗାଁ, ଜଗତସିଂହପୁର
ମୋ : ୯୬୬୮୮୯୫୩୬୯
